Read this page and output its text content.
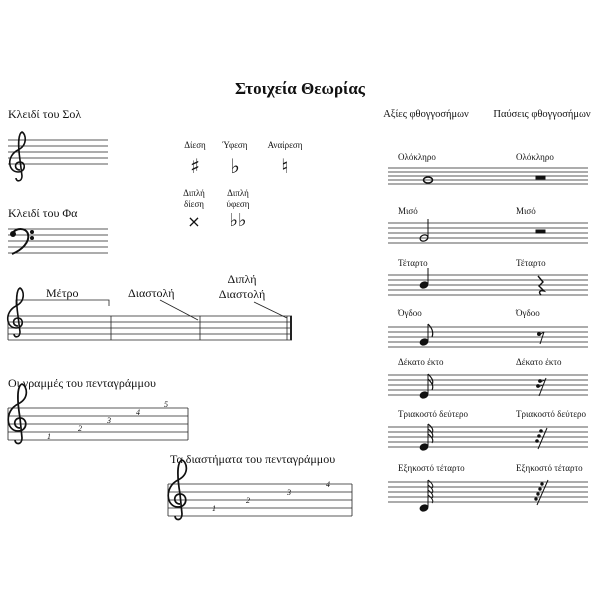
Στοιχεία Θεωρίας
Κλειδί του Σολ
Κλειδί του Φα
Δίεση
♯
Ύφεση
♭
Αναίρεση
♮
Διπλή δίεση
×
Διπλή ύφεση
♭♭
Μέτρο	Διαστολή
Διπλή Διαστολή
Οι γραμμές του πενταγράμμου
1
2
3
4
5
Τα διαστήματα του πενταγράμμου
1
2
3
4
Αξίες φθογγοσήμων	Παύσεις φθογγοσήμων
Ολόκληρο	Ολόκληρο
Μισό	Μισό
Τέταρτο	Τέταρτο
Όγδοο	Όγδοο
Δέκατο έκτο	Δέκατο έκτο
Τριακοστό δεύτερο	Τριακοστό δεύτερο
Εξηκοστό τέταρτο	Εξηκοστό τέταρτο
